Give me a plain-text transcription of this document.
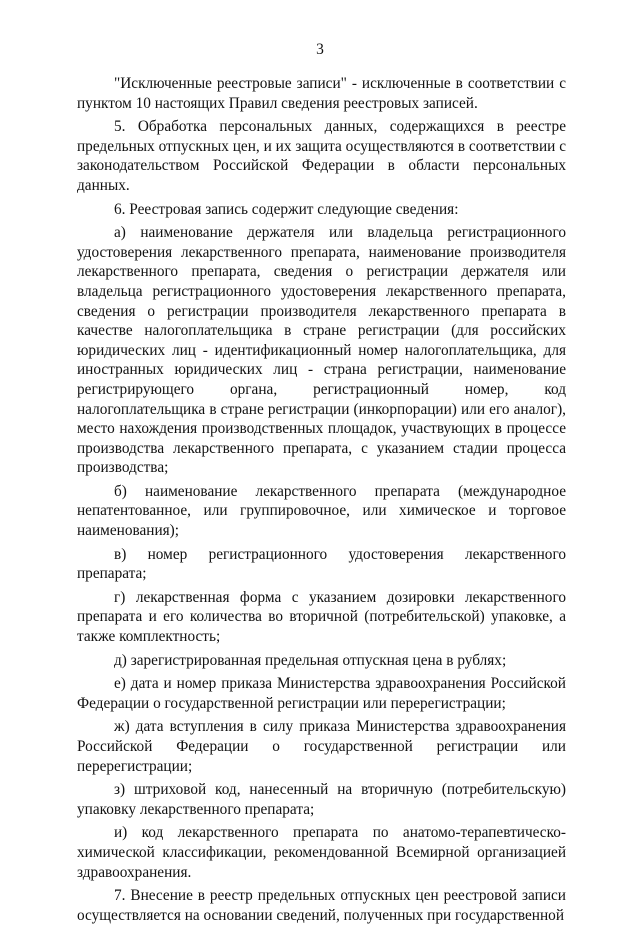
3

"Исключенные реестровые записи" - исключенные в соответствии с пунктом 10 настоящих Правил сведения реестровых записей.

5. Обработка персональных данных, содержащихся в реестре предельных отпускных цен, и их защита осуществляются в соответствии с законодательством Российской Федерации в области персональных данных.

6. Реестровая запись содержит следующие сведения:

а) наименование держателя или владельца регистрационного удостоверения лекарственного препарата, наименование производителя лекарственного препарата, сведения о регистрации держателя или владельца регистрационного удостоверения лекарственного препарата, сведения о регистрации производителя лекарственного препарата в качестве налогоплательщика в стране регистрации (для российских юридических лиц - идентификационный номер налогоплательщика, для иностранных юридических лиц - страна регистрации, наименование регистрирующего органа, регистрационный номер, код налогоплательщика в стране регистрации (инкорпорации) или его аналог), место нахождения производственных площадок, участвующих в процессе производства лекарственного препарата, с указанием стадии процесса производства;

б) наименование лекарственного препарата (международное непатентованное, или группировочное, или химическое и торговое наименования);

в) номер регистрационного удостоверения лекарственного препарата;

г) лекарственная форма с указанием дозировки лекарственного препарата и его количества во вторичной (потребительской) упаковке, а также комплектность;

д) зарегистрированная предельная отпускная цена в рублях;

е) дата и номер приказа Министерства здравоохранения Российской Федерации о государственной регистрации или перерегистрации;

ж) дата вступления в силу приказа Министерства здравоохранения Российской Федерации о государственной регистрации или перерегистрации;

з) штриховой код, нанесенный на вторичную (потребительскую) упаковку лекарственного препарата;

и) код лекарственного препарата по анатомо-терапевтическо-химической классификации, рекомендованной Всемирной организацией здравоохранения.

7. Внесение в реестр предельных отпускных цен реестровой записи осуществляется на основании сведений, полученных при государственной
